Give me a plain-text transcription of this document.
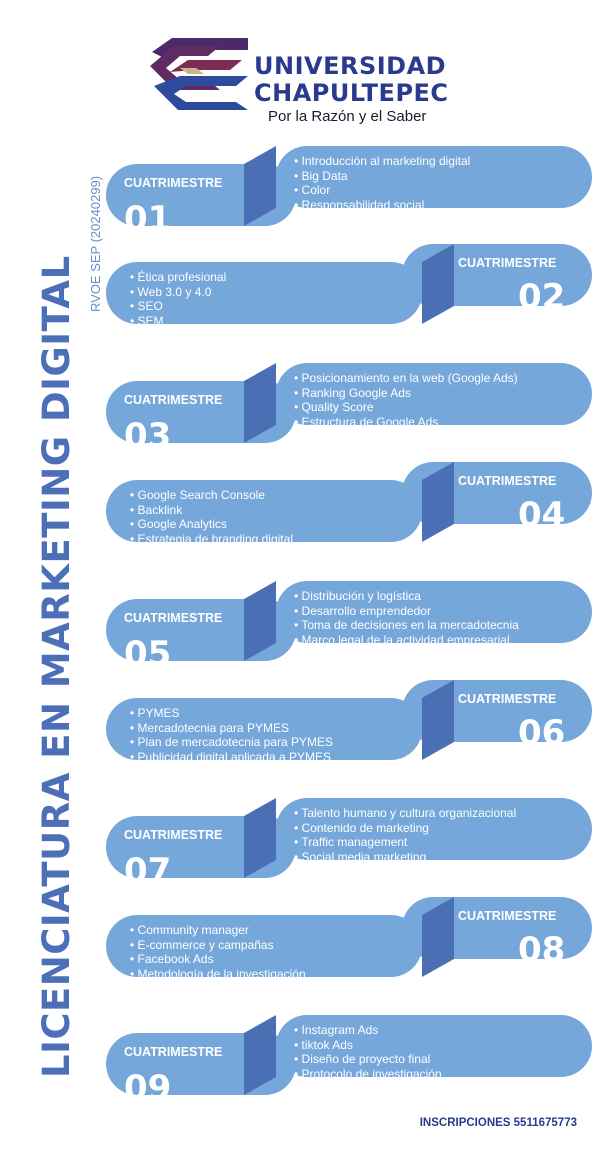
UNIVERSIDAD
CHAPULTEPEC
Por la Razón y el Saber
LICENCIATURA EN MARKETING DIGITAL
RVOE SEP (20240299) CUATRIMESTRE
01
• Introducción al marketing digital
• Big Data
• Color
• Responsabilidad social
CUATRIMESTRE
02
• Ética profesional
• Web 3.0 y 4.0
• SEO
• SEM
CUATRIMESTRE
03
• Posicionamiento en la web (Google Ads)
• Ranking Google Ads
• Quality Score
• Estructura de Google Ads
CUATRIMESTRE
04
• Google Search Console
• Backlink
• Google Analytics
• Estrategia de branding digital
CUATRIMESTRE
05
• Distribución y logística
• Desarrollo emprendedor
• Toma de decisiones en la mercadotecnia
• Marco legal de la actividad empresarial
CUATRIMESTRE
06
• PYMES
• Mercadotecnia para PYMES
• Plan de mercadotecnia para PYMES
• Publicidad digital aplicada a PYMES
CUATRIMESTRE
07
• Talento humano y cultura organizacional
• Contenido de marketing
• Traffic management
• Social media marketing
CUATRIMESTRE
08
• Community manager
• E-commerce y campañas
• Facebook Ads
• Metodología de la investigación
CUATRIMESTRE
09
• Instagram Ads
• tiktok Ads
• Diseño de proyecto final
• Protocolo de investigación
INSCRIPCIONES 5511675773
